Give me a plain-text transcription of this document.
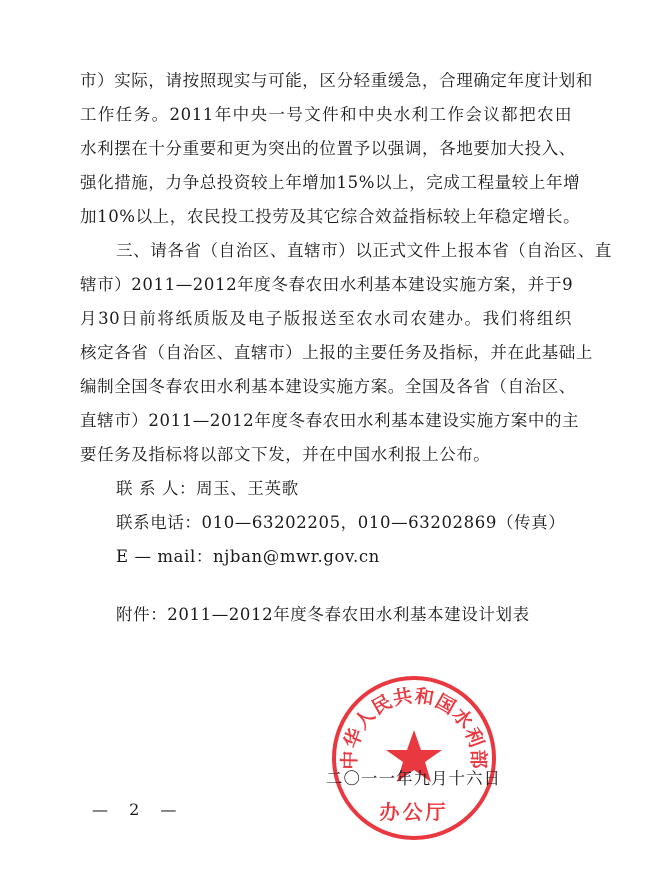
市）实际，请按照现实与可能，区分轻重缓急，合理确定年度计划和
工作任务。2011年中央一号文件和中央水利工作会议都把农田
水利摆在十分重要和更为突出的位置予以强调，各地要加大投入、
强化措施，力争总投资较上年增加15%以上，完成工程量较上年增
加10%以上，农民投工投劳及其它综合效益指标较上年稳定增长。
三、请各省（自治区、直辖市）以正式文件上报本省（自治区、直
辖市）2011—2012年度冬春农田水利基本建设实施方案，并于9
月30日前将纸质版及电子版报送至农水司农建办。我们将组织
核定各省（自治区、直辖市）上报的主要任务及指标，并在此基础上
编制全国冬春农田水利基本建设实施方案。全国及各省（自治区、
直辖市）2011—2012年度冬春农田水利基本建设实施方案中的主
要任务及指标将以部文下发，并在中国水利报上公布。
联 系 人：周玉、王英歌
联系电话：010—63202205，010—63202869（传真）
E — mail：njban@mwr.gov.cn
附件：2011—2012年度冬春农田水利基本建设计划表
中华人民共和国水利部
办公厅
二〇一一年九月十六日
— 2 —
